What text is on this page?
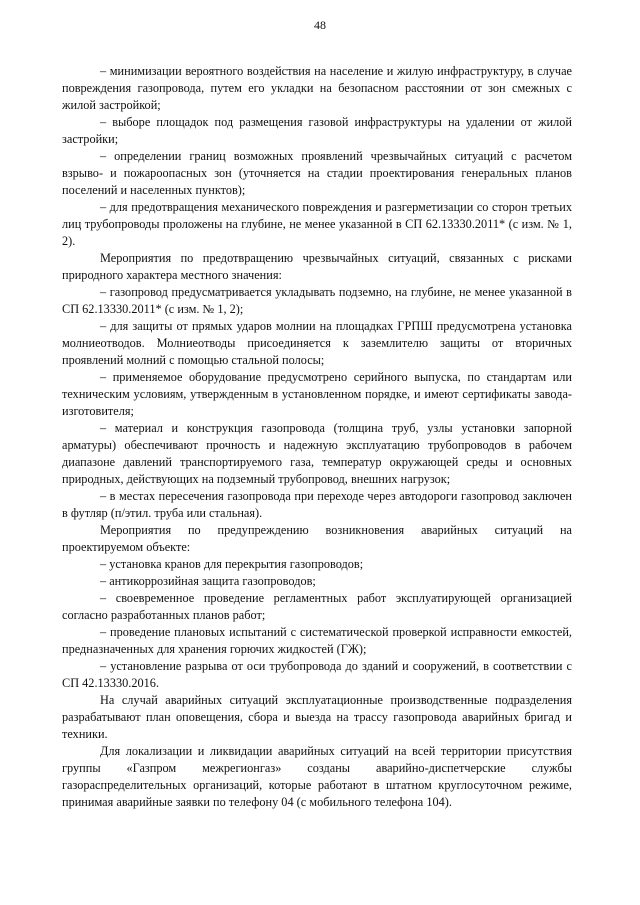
48

– минимизации вероятного воздействия на население и жилую инфраструктуру, в случае повреждения газопровода, путем его укладки на безопасном расстоянии от зон смежных с жилой застройкой;

– выборе площадок под размещения газовой инфраструктуры на удалении от жилой застройки;

– определении границ возможных проявлений чрезвычайных ситуаций с расчетом взрыво- и пожароопасных зон (уточняется на стадии проектирования генеральных планов поселений и населенных пунктов);

– для предотвращения механического повреждения и разгерметизации со сторон третьих лиц трубопроводы проложены на глубине, не менее указанной в СП 62.13330.2011* (с изм. № 1, 2).

Мероприятия по предотвращению чрезвычайных ситуаций, связанных с рисками природного характера местного значения:

– газопровод предусматривается укладывать подземно, на глубине, не менее указанной в СП 62.13330.2011* (с изм. № 1, 2);

– для защиты от прямых ударов молнии на площадках ГРПШ предусмотрена установка молниеотводов. Молниеотводы присоединяется к заземлителю защиты от вторичных проявлений молний с помощью стальной полосы;

– применяемое оборудование предусмотрено серийного выпуска, по стандартам или техническим условиям, утвержденным в установленном порядке, и имеют сертификаты завода-изготовителя;

– материал и конструкция газопровода (толщина труб, узлы установки запорной арматуры) обеспечивают прочность и надежную эксплуатацию трубопроводов в рабочем диапазоне давлений транспортируемого газа, температур окружающей среды и основных природных, действующих на подземный трубопровод, внешних нагрузок;

– в местах пересечения газопровода при переходе через автодороги газопровод заключен в футляр (п/этил. труба или стальная).

Мероприятия по предупреждению возникновения аварийных ситуаций на проектируемом объекте:

– установка кранов для перекрытия газопроводов;

– антикоррозийная защита газопроводов;

– своевременное проведение регламентных работ эксплуатирующей организацией согласно разработанных планов работ;

– проведение плановых испытаний с систематической проверкой исправности емкостей, предназначенных для хранения горючих жидкостей (ГЖ);

– установление разрыва от оси трубопровода до зданий и сооружений, в соответствии с СП 42.13330.2016.

На случай аварийных ситуаций эксплуатационные производственные подразделения разрабатывают план оповещения, сбора и выезда на трассу газопровода аварийных бригад и техники.

Для локализации и ликвидации аварийных ситуаций на всей территории присутствия группы «Газпром межрегионгаз» созданы аварийно-диспетчерские службы газораспределительных организаций, которые работают в штатном круглосуточном режиме, принимая аварийные заявки по телефону 04 (с мобильного телефона 104).
